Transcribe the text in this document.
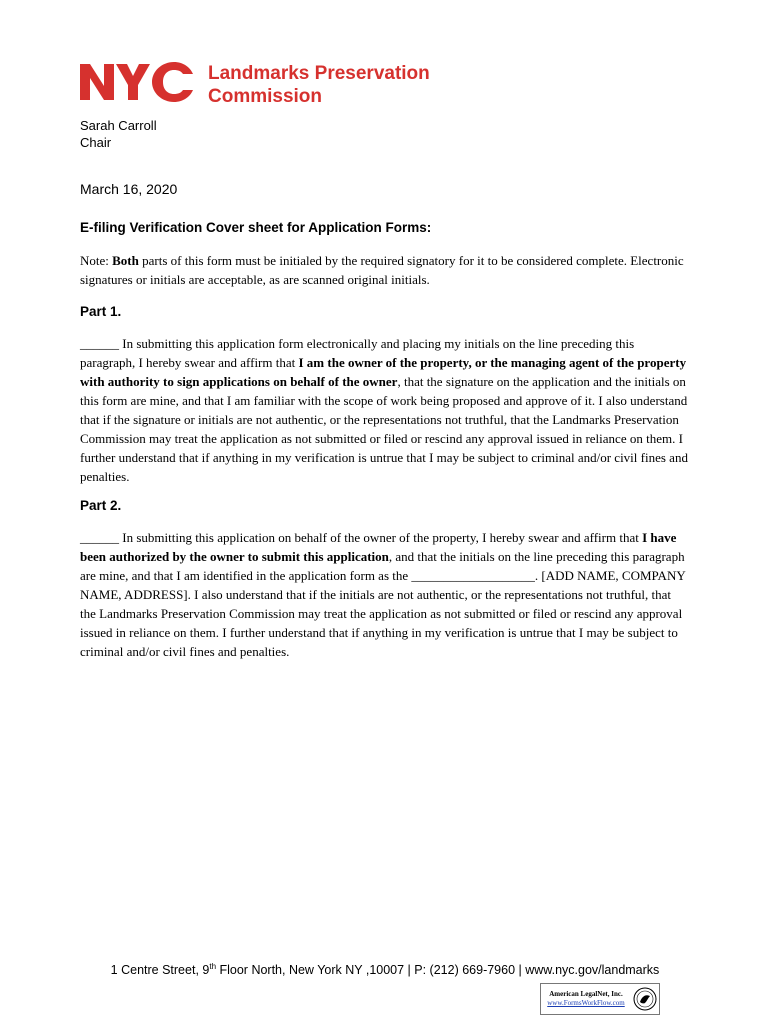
Landmarks Preservation
Commission
Sarah Carroll
Chair
March 16, 2020
E-filing Verification Cover sheet for Application Forms:
Note: Both parts of this form must be initialed by the required signatory for it to be considered complete. Electronic signatures or initials are acceptable, as are scanned original initials.
Part 1.
______ In submitting this application form electronically and placing my initials on the line preceding this paragraph, I hereby swear and affirm that I am the owner of the property, or the managing agent of the property with authority to sign applications on behalf of the owner, that the signature on the application and the initials on this form are mine, and that I am familiar with the scope of work being proposed and approve of it. I also understand that if the signature or initials are not authentic, or the representations not truthful, that the Landmarks Preservation Commission may treat the application as not submitted or filed or rescind any approval issued in reliance on them. I further understand that if anything in my verification is untrue that I may be subject to criminal and/or civil fines and penalties.
Part 2.
______ In submitting this application on behalf of the owner of the property, I hereby swear and affirm that I have been authorized by the owner to submit this application, and that the initials on the line preceding this paragraph are mine, and that I am identified in the application form as the ___________________. [ADD NAME, COMPANY NAME, ADDRESS]. I also understand that if the initials are not authentic, or the representations not truthful, that the Landmarks Preservation Commission may treat the application as not submitted or filed or rescind any approval issued in reliance on them. I further understand that if anything in my verification is untrue that I may be subject to criminal and/or civil fines and penalties.
1 Centre Street, 9th Floor North, New York NY ,10007 | P: (212) 669-7960 | www.nyc.gov/landmarks
American LegalNet, Inc.
www.FormsWorkFlow.com
